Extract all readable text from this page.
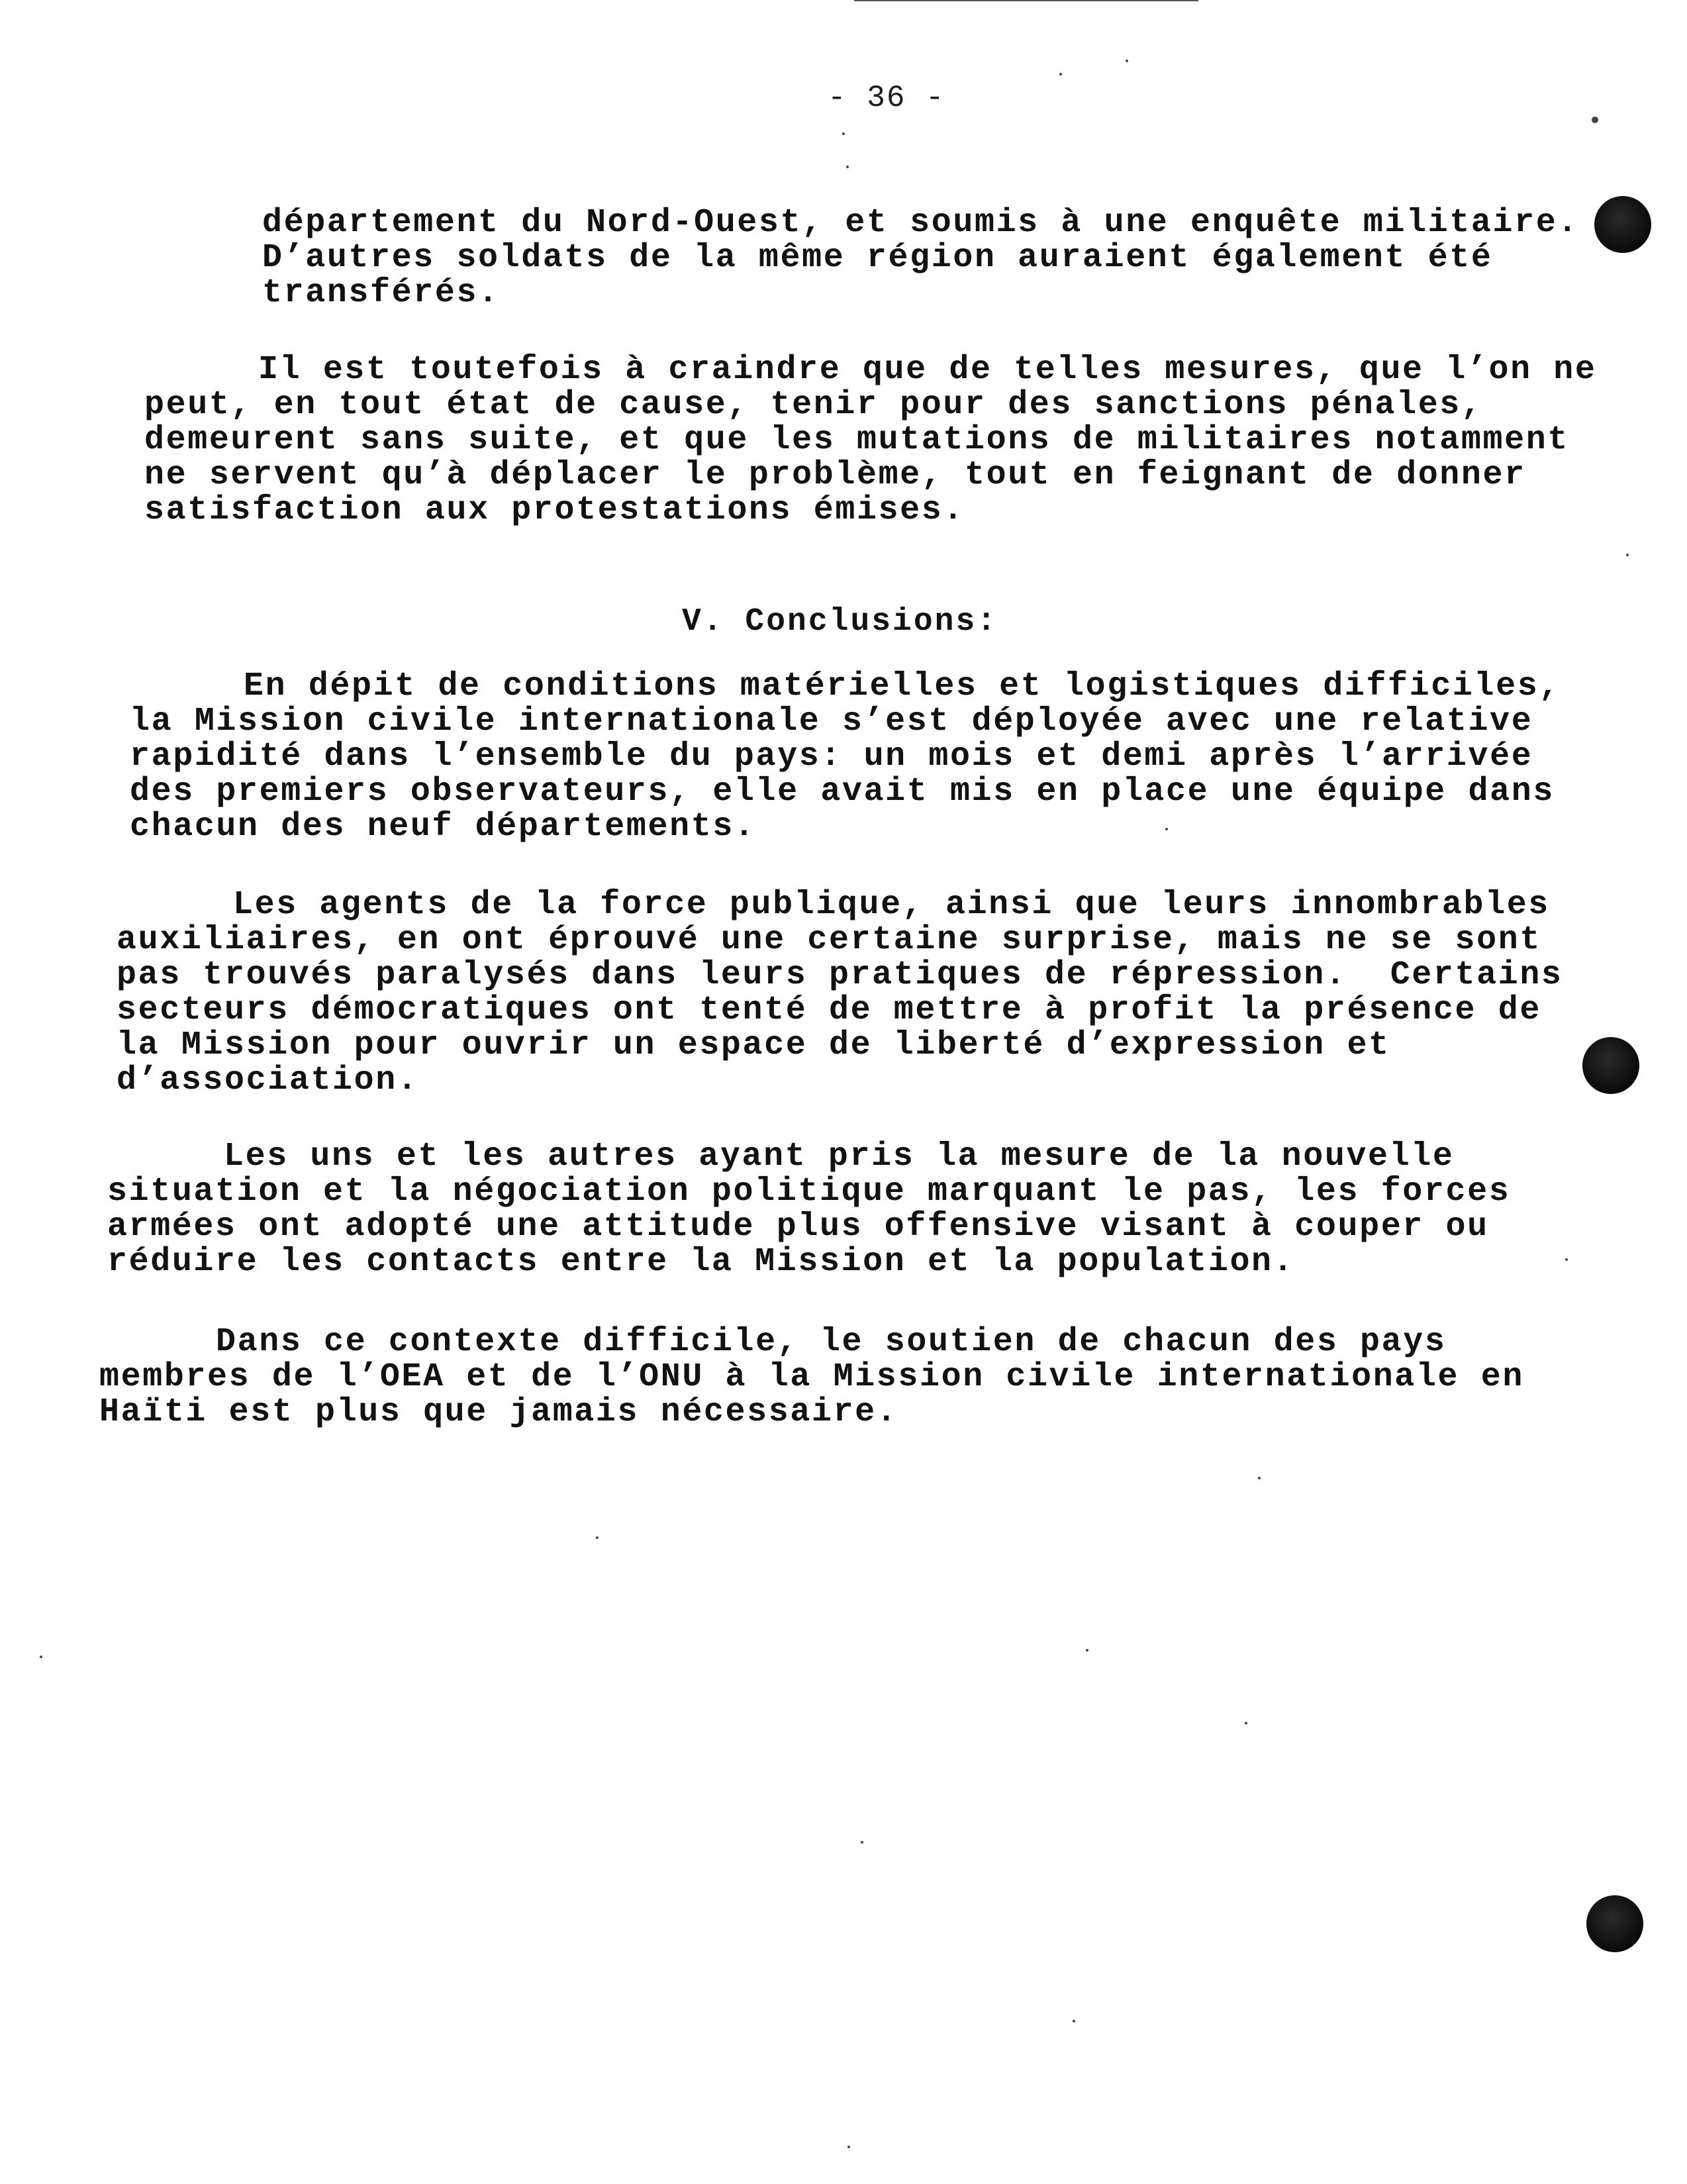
- 36 -
département du Nord-Ouest, et soumis à une enquête militaire.
D’autres soldats de la même région auraient également été
transférés.
Il est toutefois à craindre que de telles mesures, que l’on ne
peut, en tout état de cause, tenir pour des sanctions pénales,
demeurent sans suite, et que les mutations de militaires notamment
ne servent qu’à déplacer le problème, tout en feignant de donner
satisfaction aux protestations émises.
V. Conclusions:
En dépit de conditions matérielles et logistiques difficiles,
la Mission civile internationale s’est déployée avec une relative
rapidité dans l’ensemble du pays: un mois et demi après l’arrivée
des premiers observateurs, elle avait mis en place une équipe dans
chacun des neuf départements.
Les agents de la force publique, ainsi que leurs innombrables
auxiliaires, en ont éprouvé une certaine surprise, mais ne se sont
pas trouvés paralysés dans leurs pratiques de répression.  Certains
secteurs démocratiques ont tenté de mettre à profit la présence de
la Mission pour ouvrir un espace de liberté d’expression et
d’association.
Les uns et les autres ayant pris la mesure de la nouvelle
situation et la négociation politique marquant le pas, les forces
armées ont adopté une attitude plus offensive visant à couper ou
réduire les contacts entre la Mission et la population.
Dans ce contexte difficile, le soutien de chacun des pays
membres de l’OEA et de l’ONU à la Mission civile internationale en
Haïti est plus que jamais nécessaire.
